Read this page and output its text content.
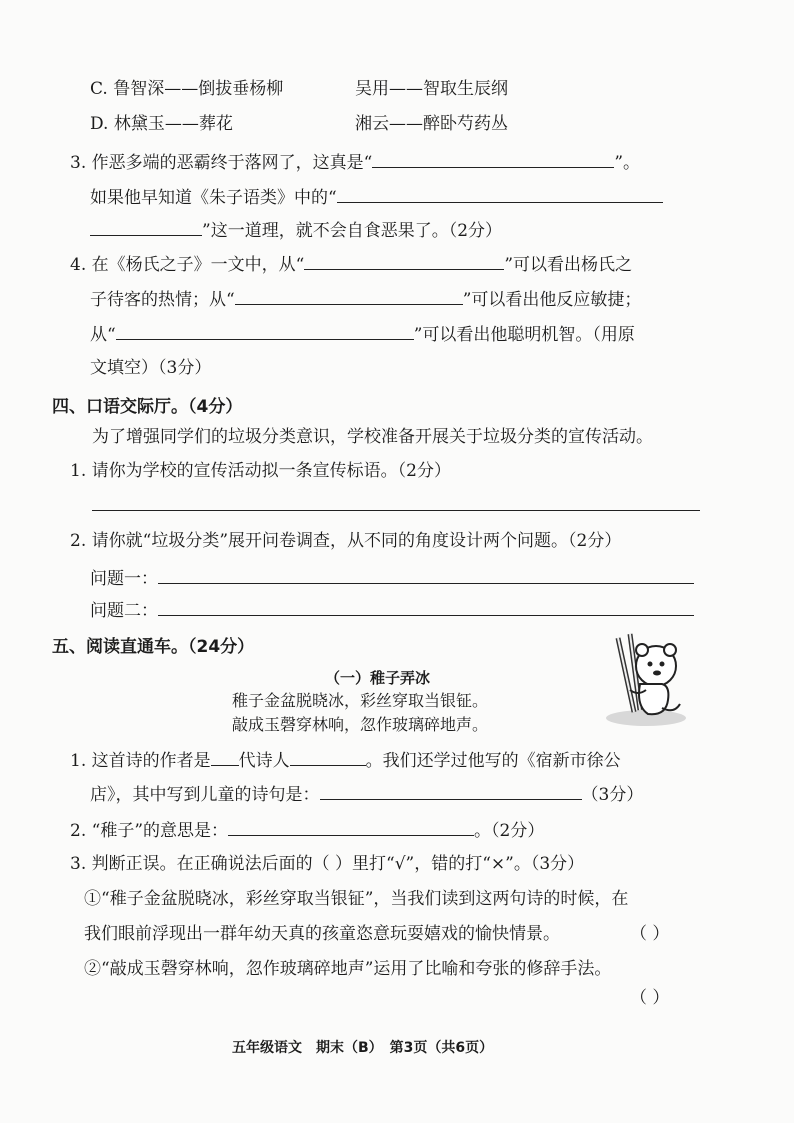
C. 鲁智深——倒拔垂杨柳	吴用——智取生辰纲
D. 林黛玉——葬花	湘云——醉卧芍药丛
3. 作恶多端的恶霸终于落网了，这真是“	”。
如果他早知道《朱子语类》中的“
”这一道理，就不会自食恶果了。（2分）
4. 在《杨氏之子》一文中，从“	”可以看出杨氏之
子待客的热情；从“	”可以看出他反应敏捷；
从“	”可以看出他聪明机智。（用原
文填空）（3分）
四、口语交际厅。（4分）
为了增强同学们的垃圾分类意识，学校准备开展关于垃圾分类的宣传活动。
1. 请你为学校的宣传活动拟一条宣传标语。（2分）
2. 请你就“垃圾分类”展开问卷调查，从不同的角度设计两个问题。（2分）
问题一：
问题二：
五、阅读直通车。（24分）
（一）稚子弄冰
稚子金盆脱晓冰，彩丝穿取当银钲。
敲成玉磬穿林响，忽作玻璃碎地声。
1. 这首诗的作者是 代诗人	。我们还学过他写的《宿新市徐公
店》，其中写到儿童的诗句是：	（3分）
2. “稚子”的意思是：	。（2分）
3. 判断正误。在正确说法后面的（ ）里打“√”，错的打“×”。（3分）
①“稚子金盆脱晓冰，彩丝穿取当银钲”，当我们读到这两句诗的时候，在
我们眼前浮现出一群年幼天真的孩童恣意玩耍嬉戏的愉快情景。	（ ）
②“敲成玉磬穿林响，忽作玻璃碎地声”运用了比喻和夸张的修辞手法。
（ ）
五年级语文　期末（B）　第3页（共6页）
